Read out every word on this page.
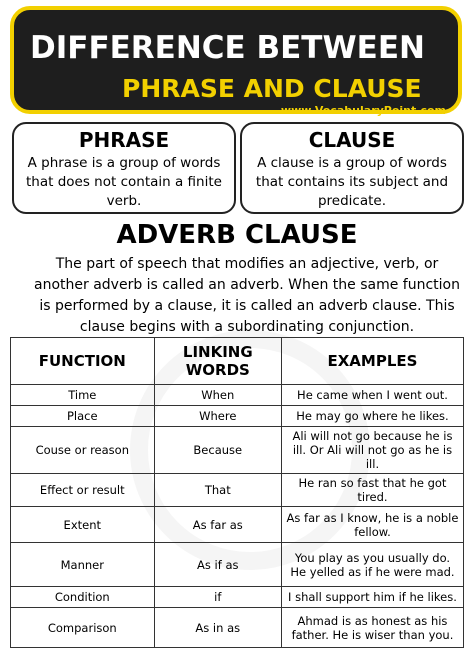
DIFFERENCE BETWEEN
PHRASE AND CLAUSE
www.VocabularyPoint.com
PHRASE

A phrase is a group of words that does not contain a finite verb.

CLAUSE

A clause is a group of words that contains its subject and predicate.

ADVERB CLAUSE
The part of speech that modifies an adjective, verb, or another adverb is called an adverb. When the same function is performed by a clause, it is called an adverb clause. This clause begins with a subordinating conjunction.
FUNCTION	LINKING WORDS	EXAMPLES
Time	When	He came when I went out.
Place	Where	He may go where he likes.
Couse or reason	Because	Ali will not go because he is ill. Or Ali will not go as he is ill.
Effect or result	That	He ran so fast that he got tired.
Extent	As far as	As far as I know, he is a noble fellow.
Manner	As if as	You play as you usually do. He yelled as if he were mad.
Condition	if	I shall support him if he likes.
Comparison	As in as	Ahmad is as honest as his father. He is wiser than you.
